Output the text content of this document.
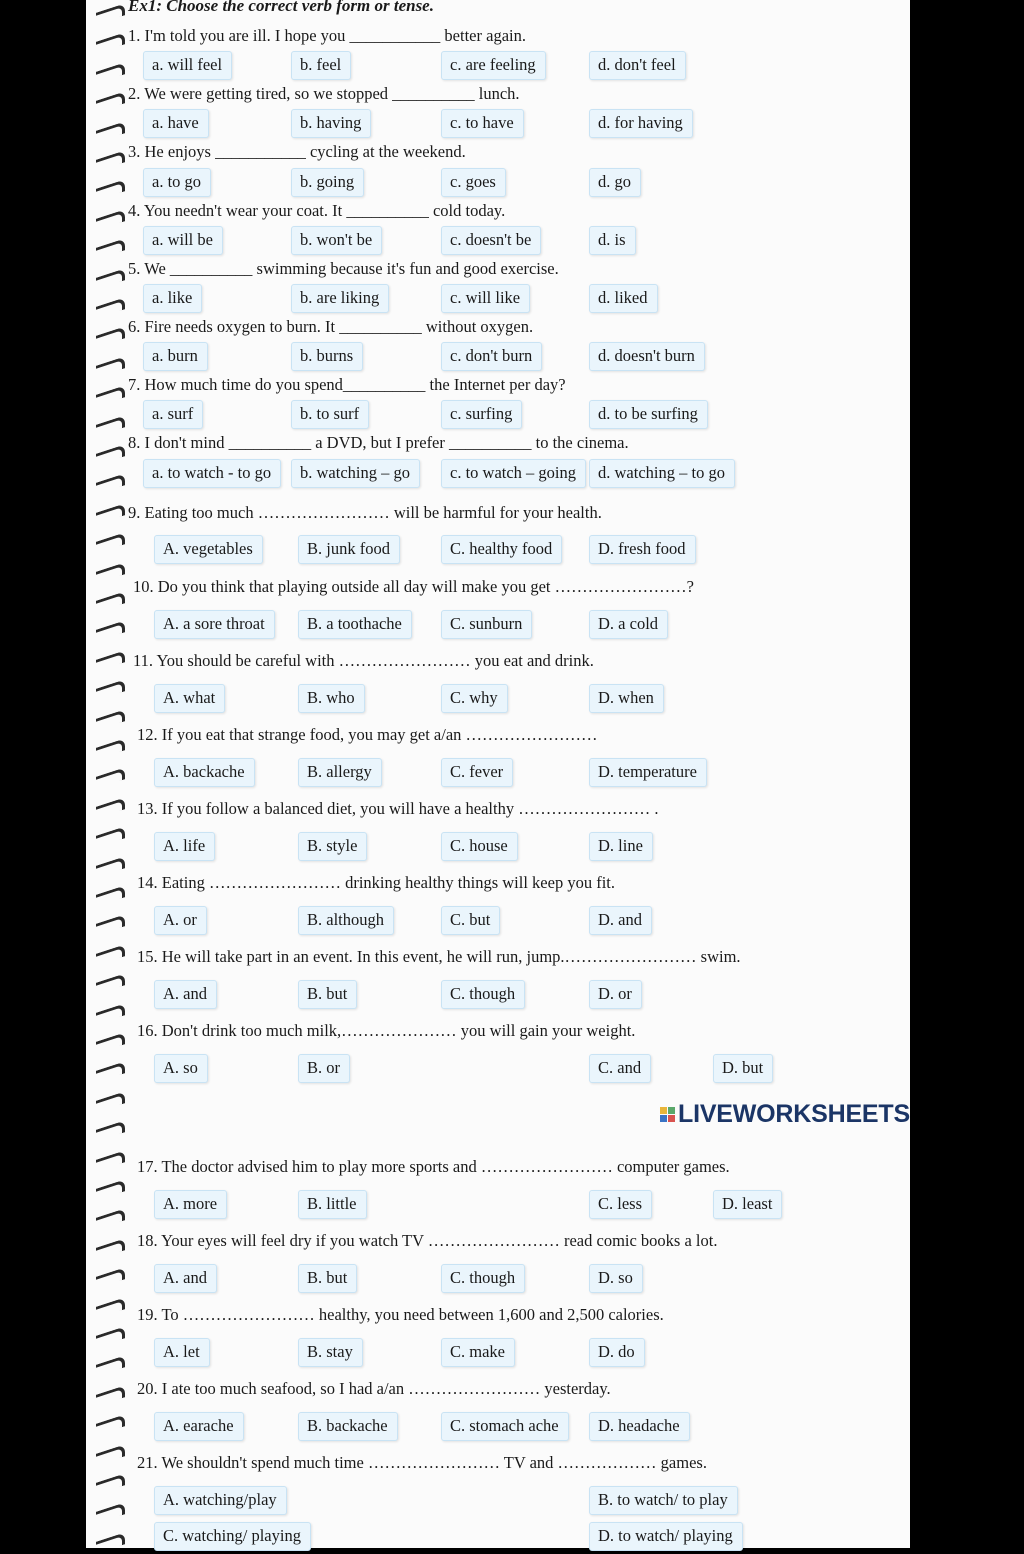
Ex1: Choose the correct verb form or tense.
1. I'm told you are ill. I hope you ___________ better again.
a. will feel	b. feel	c. are feeling	d. don't feel
2. We were getting tired, so we stopped __________ lunch.
a. have	b. having	c. to have	d. for having
3. He enjoys ___________ cycling at the weekend.
a. to go	b. going	c. goes	d. go
4. You needn't wear your coat. It __________ cold today.
a. will be	b. won't be	c. doesn't be	d. is
5. We __________ swimming because it's fun and good exercise.
a. like	b. are liking	c. will like	d. liked
6. Fire needs oxygen to burn. It __________ without oxygen.
a. burn	b. burns	c. don't burn	d. doesn't burn
7. How much time do you spend__________ the Internet per day?
a. surf	b. to surf	c. surfing	d. to be surfing
8. I don't mind __________ a DVD, but I prefer __________ to the cinema.
a. to watch - to go	b. watching – go	c. to watch – going	d. watching – to go
9. Eating too much …………………… will be harmful for your health.
A. vegetables	B. junk food	C. healthy food	D. fresh food
10. Do you think that playing outside all day will make you get ……………………?
A. a sore throat	B. a toothache	C. sunburn	D. a cold
11. You should be careful with …………………… you eat and drink.
A. what	B. who	C. why	D. when
12. If you eat that strange food, you may get a/an ……………………
A. backache	B. allergy	C. fever	D. temperature
13. If you follow a balanced diet, you will have a healthy …………………… .
A. life	B. style	C. house	D. line
14. Eating …………………… drinking healthy things will keep you fit.
A. or	B. although	C. but	D. and
15. He will take part in an event. In this event, he will run, jump.…………………… swim.
A. and	B. but	C. though	D. or
16. Don't drink too much milk,………………… you will gain your weight.
A. so	B. or	C. and	D. but
17. The doctor advised him to play more sports and …………………… computer games.
A. more	B. little	C. less	D. least
18. Your eyes will feel dry if you watch TV …………………… read comic books a lot.
A. and	B. but	C. though	D. so
19. To …………………… healthy, you need between 1,600 and 2,500 calories.
A. let	B. stay	C. make	D. do
20. I ate too much seafood, so I had a/an …………………… yesterday.
A. earache	B. backache	C. stomach ache	D. headache
21. We shouldn't spend much time …………………… TV and ……………… games.
A. watching/play	B. to watch/ to play
C. watching/ playing	D. to watch/ playing
LIVEWORKSHEETS
